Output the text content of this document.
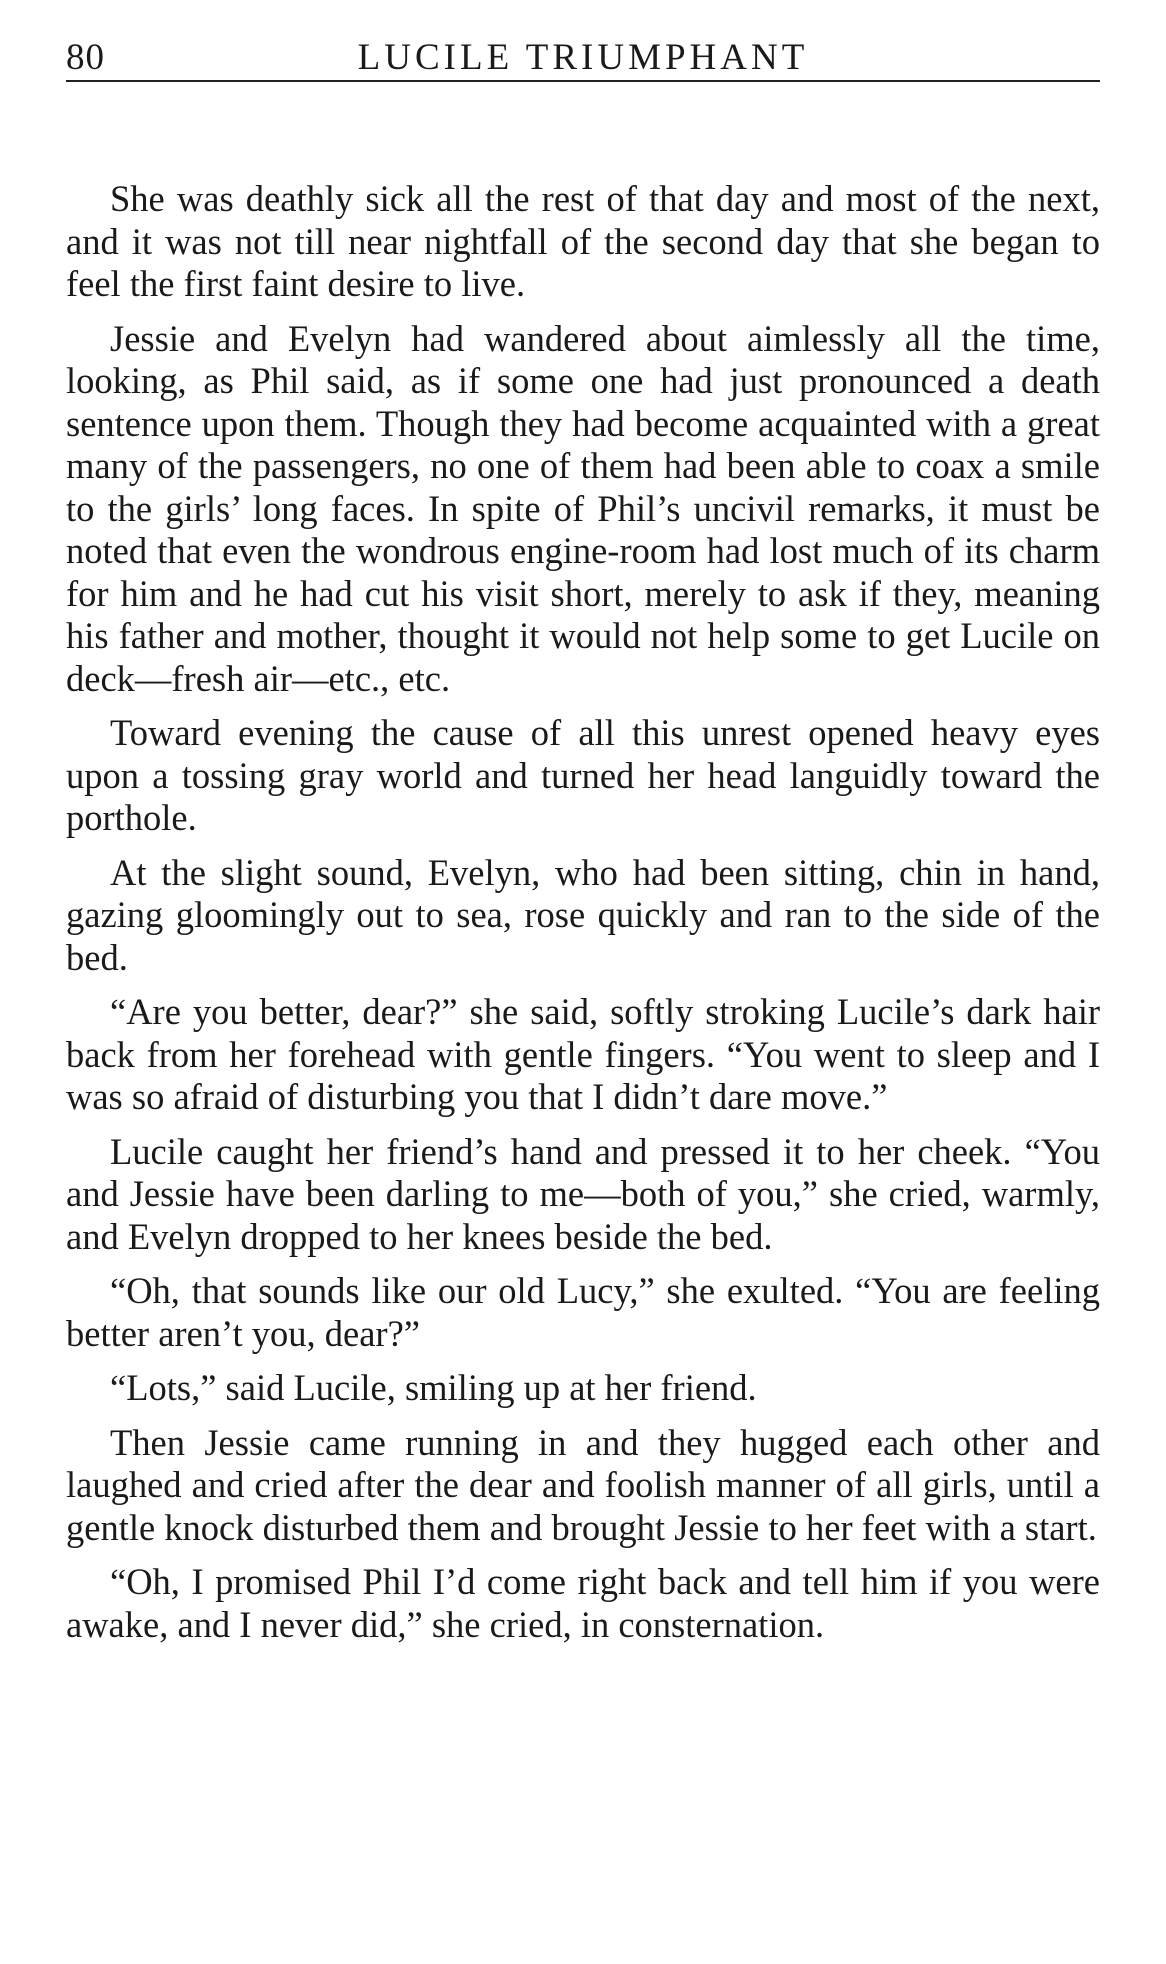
80	LUCILE TRIUMPHANT

She was deathly sick all the rest of that day and most of the next, and it was not till near nightfall of the second day that she began to feel the first faint desire to live.

Jessie and Evelyn had wandered about aimlessly all the time, looking, as Phil said, as if some one had just pronounced a death sentence upon them. Though they had become acquainted with a great many of the passengers, no one of them had been able to coax a smile to the girls’ long faces. In spite of Phil’s uncivil remarks, it must be noted that even the wondrous engine-room had lost much of its charm for him and he had cut his visit short, merely to ask if they, meaning his father and mother, thought it would not help some to get Lucile on deck—fresh air—etc., etc.

Toward evening the cause of all this unrest opened heavy eyes upon a tossing gray world and turned her head languidly toward the porthole.

At the slight sound, Evelyn, who had been sitting, chin in hand, gazing gloomingly out to sea, rose quickly and ran to the side of the bed.

“Are you better, dear?” she said, softly stroking Lucile’s dark hair back from her forehead with gentle fingers. “You went to sleep and I was so afraid of disturbing you that I didn’t dare move.”

Lucile caught her friend’s hand and pressed it to her cheek. “You and Jessie have been darling to me—both of you,” she cried, warmly, and Evelyn dropped to her knees beside the bed.

“Oh, that sounds like our old Lucy,” she exulted. “You are feeling better aren’t you, dear?”

“Lots,” said Lucile, smiling up at her friend.

Then Jessie came running in and they hugged each other and laughed and cried after the dear and foolish manner of all girls, until a gentle knock disturbed them and brought Jessie to her feet with a start.

“Oh, I promised Phil I’d come right back and tell him if you were awake, and I never did,” she cried, in consternation.
